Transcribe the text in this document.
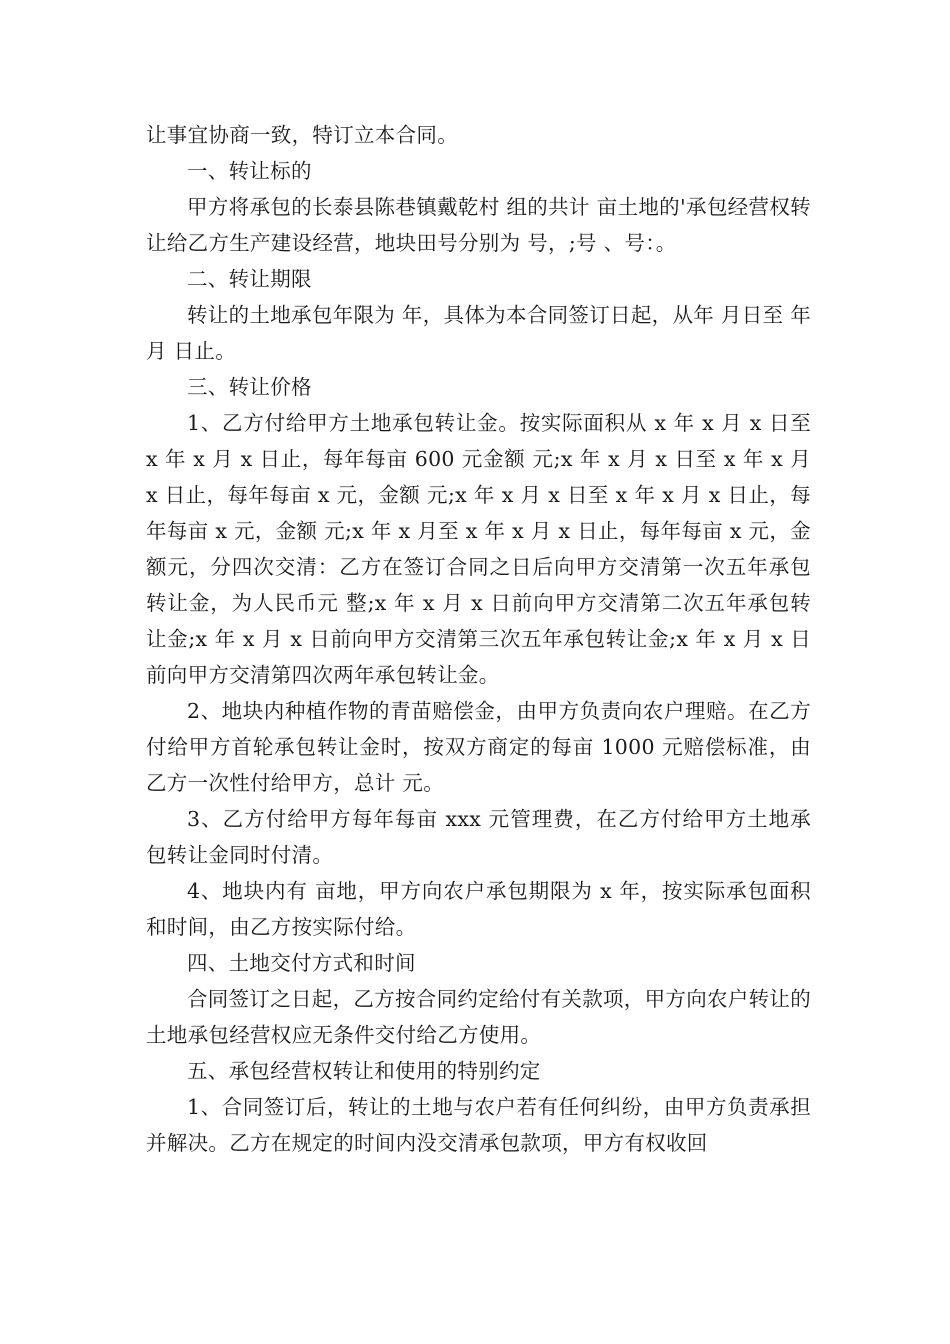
让事宜协商一致，特订立本合同。

一、转让标的

甲方将承包的长泰县陈巷镇戴乾村 组的共计 亩土地的'承包经营权转让给乙方生产建设经营，地块田号分别为 号，;号 、号：。

二、转让期限

转让的土地承包年限为 年，具体为本合同签订日起，从年 月日至 年 月 日止。

三、转让价格

1、乙方付给甲方土地承包转让金。按实际面积从 x 年 x 月 x 日至 x 年 x 月 x 日止，每年每亩 600 元金额 元;x 年 x 月 x 日至 x 年 x 月 x 日止，每年每亩 x 元，金额 元;x 年 x 月 x 日至 x 年 x 月 x 日止，每年每亩 x 元，金额 元;x 年 x 月至 x 年 x 月 x 日止，每年每亩 x 元，金额元，分四次交清：乙方在签订合同之日后向甲方交清第一次五年承包转让金，为人民币元 整;x 年 x 月 x 日前向甲方交清第二次五年承包转让金;x 年 x 月 x 日前向甲方交清第三次五年承包转让金;x 年 x 月 x 日前向甲方交清第四次两年承包转让金。

2、地块内种植作物的青苗赔偿金，由甲方负责向农户理赔。在乙方付给甲方首轮承包转让金时，按双方商定的每亩 1000 元赔偿标准，由乙方一次性付给甲方，总计 元。

3、乙方付给甲方每年每亩 xxx 元管理费，在乙方付给甲方土地承包转让金同时付清。

4、地块内有 亩地，甲方向农户承包期限为 x 年，按实际承包面积和时间，由乙方按实际付给。

四、土地交付方式和时间

合同签订之日起，乙方按合同约定给付有关款项，甲方向农户转让的土地承包经营权应无条件交付给乙方使用。

五、承包经营权转让和使用的特别约定

1、合同签订后，转让的土地与农户若有任何纠纷，由甲方负责承担并解决。乙方在规定的时间内没交清承包款项，甲方有权收回
